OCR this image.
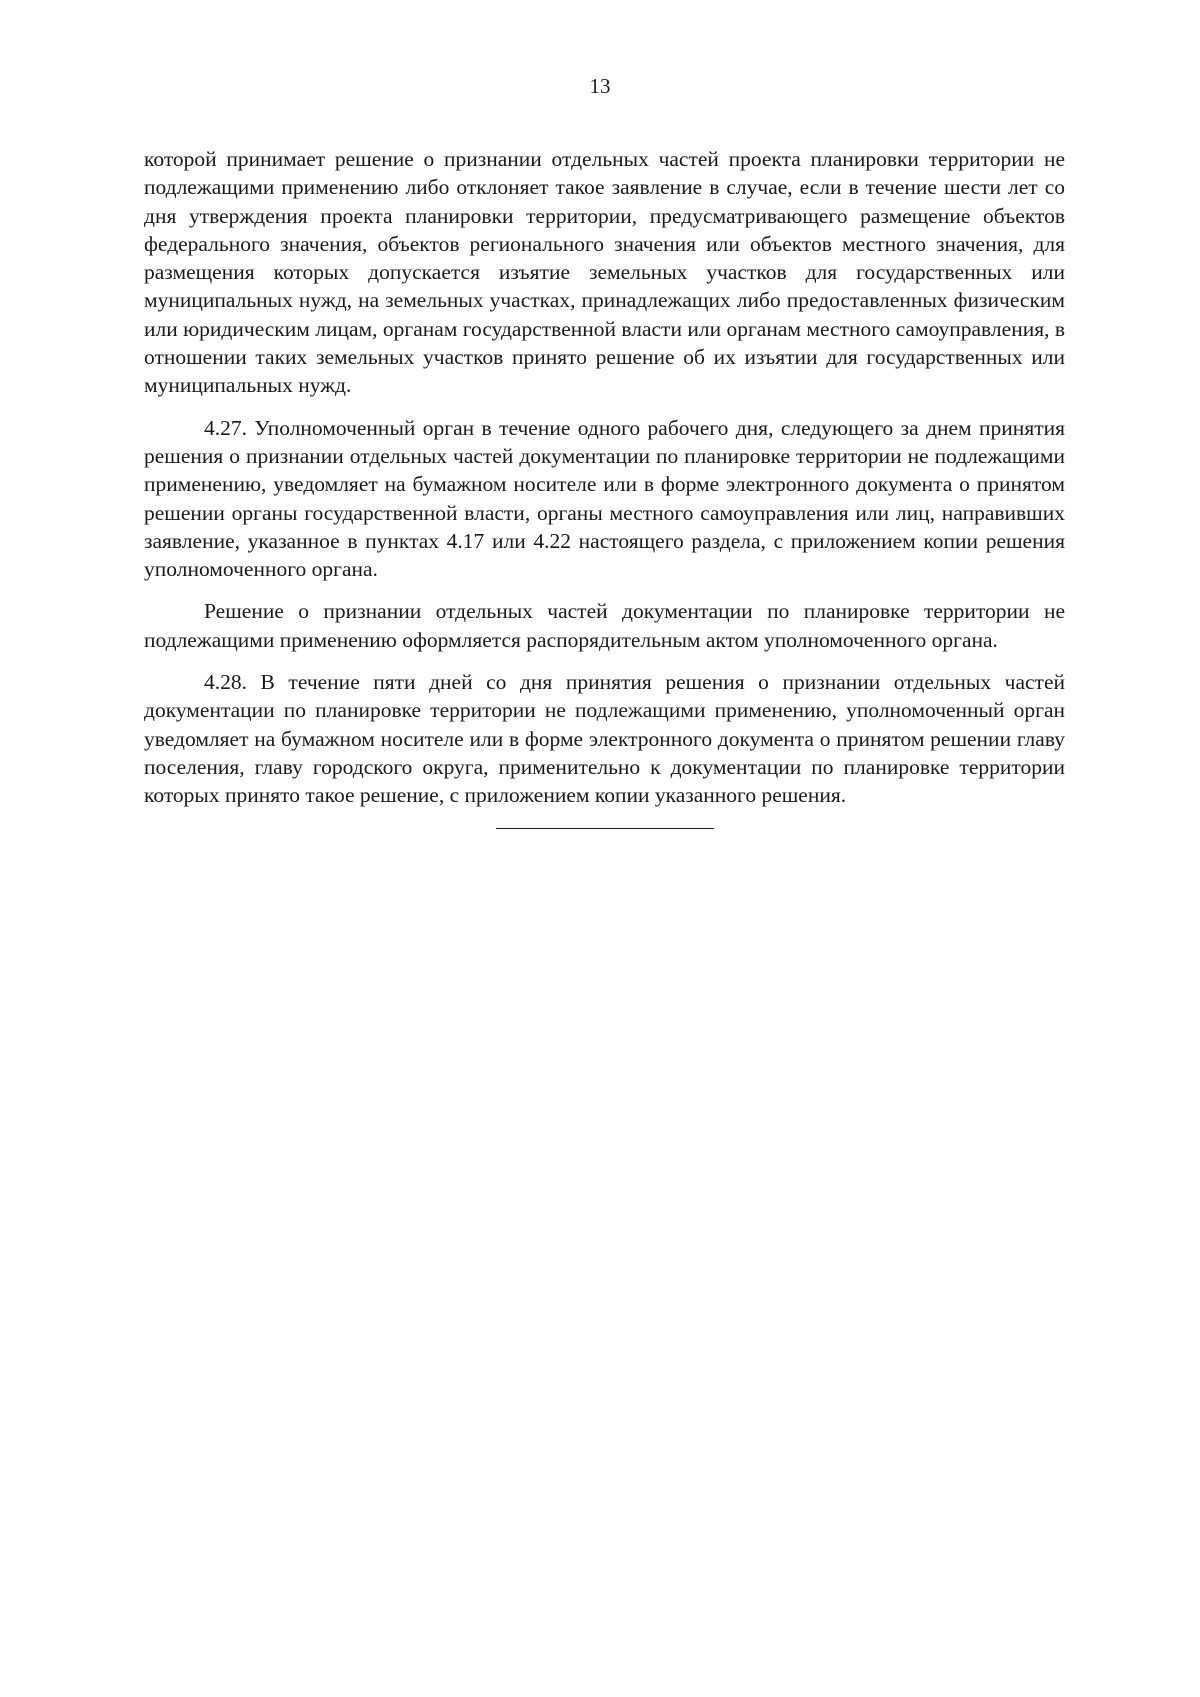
13

которой принимает решение о признании отдельных частей проекта планировки территории не подлежащими применению либо отклоняет такое заявление в случае, если в течение шести лет со дня утверждения проекта планировки территории, предусматривающего размещение объектов федерального значения, объектов регионального значения или объектов местного значения, для размещения которых допускается изъятие земельных участков для государственных или муниципальных нужд, на земельных участках, принадлежащих либо предоставленных физическим или юридическим лицам, органам государственной власти или органам местного самоуправления, в отношении таких земельных участков принято решение об их изъятии для государственных или муниципальных нужд.

4.27. Уполномоченный орган в течение одного рабочего дня, следующего за днем принятия решения о признании отдельных частей документации по планировке территории не подлежащими применению, уведомляет на бумажном носителе или в форме электронного документа о принятом решении органы государственной власти, органы местного самоуправления или лиц, направивших заявление, указанное в пунктах 4.17 или 4.22 настоящего раздела, с приложением копии решения уполномоченного органа.

Решение о признании отдельных частей документации по планировке территории не подлежащими применению оформляется распорядительным актом уполномоченного органа.

4.28. В течение пяти дней со дня принятия решения о признании отдельных частей документации по планировке территории не подлежащими применению, уполномоченный орган уведомляет на бумажном носителе или в форме электронного документа о принятом решении главу поселения, главу городского округа, применительно к документации по планировке территории которых принято такое решение, с приложением копии указанного решения.
